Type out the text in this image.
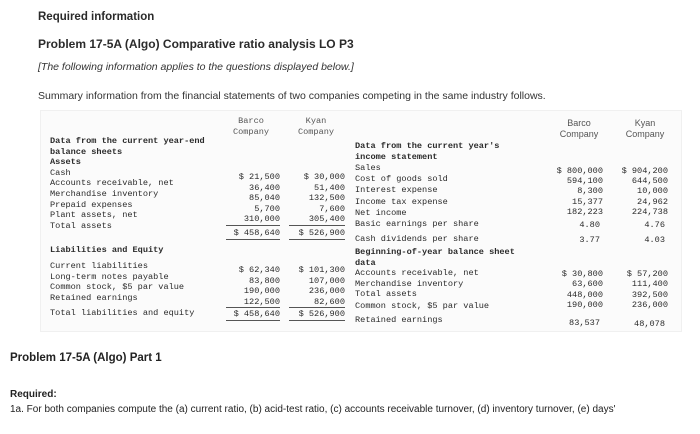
Required information
Problem 17-5A (Algo) Comparative ratio analysis LO P3
[The following information applies to the questions displayed below.]
Summary information from the financial statements of two companies competing in the same industry follows.
Barco
Company
Kyan
Company
Barco
Company
Kyan
Company
Data from the current year-end
balance sheets
Assets
Cash
Accounts receivable, net
Merchandise inventory
Prepaid expenses
Plant assets, net
Total assets
Liabilities and Equity
Current liabilities
Long-term notes payable
Common stock, $5 par value
Retained earnings
Total liabilities and equity
$ 21,500
36,400
85,040
5,700
310,000
$ 458,640
$ 62,340
83,800
190,000
122,500
$ 458,640
$ 30,000
51,400
132,500
7,600
305,400
$ 526,900
$ 101,300
107,000
236,000
82,600
$ 526,900
Data from the current year's
income statement
Sales
Cost of goods sold
Interest expense
Income tax expense
Net income
Basic earnings per share
Cash dividends per share
$ 800,000
594,100
8,300
15,377
182,223
4.80
3.77
$ 904,200
644,500
10,000
24,962
224,738
4.76
4.03
Beginning-of-year balance sheet
data
Accounts receivable, net
Merchandise inventory
Total assets
Common stock, $5 par value
Retained earnings
$ 30,800
63,600
448,000
190,000
83,537
$ 57,200
111,400
392,500
236,000
48,078
Problem 17-5A (Algo) Part 1
Required:
1a. For both companies compute the (a) current ratio, (b) acid-test ratio, (c) accounts receivable turnover, (d) inventory turnover, (e) days'
